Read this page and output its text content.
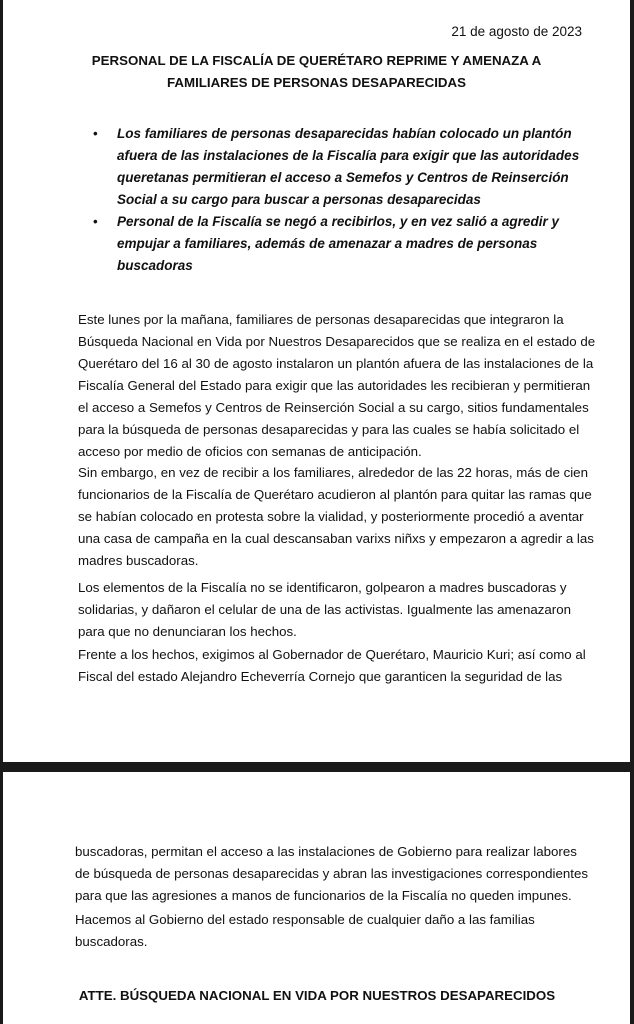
21 de agosto de 2023
PERSONAL DE LA FISCALÍA DE QUERÉTARO REPRIME Y AMENAZA A
FAMILIARES DE PERSONAS DESAPARECIDAS
• Los familiares de personas desaparecidas habían colocado un plantón
afuera de las instalaciones de la Fiscalía para exigir que las autoridades
queretanas permitieran el acceso a Semefos y Centros de Reinserción
Social a su cargo para buscar a personas desaparecidas
• Personal de la Fiscalía se negó a recibirlos, y en vez salió a agredir y
empujar a familiares, además de amenazar a madres de personas
buscadoras
Este lunes por la mañana, familiares de personas desaparecidas que integraron la
Búsqueda Nacional en Vida por Nuestros Desaparecidos que se realiza en el estado de
Querétaro del 16 al 30 de agosto instalaron un plantón afuera de las instalaciones de la
Fiscalía General del Estado para exigir que las autoridades les recibieran y permitieran
el acceso a Semefos y Centros de Reinserción Social a su cargo, sitios fundamentales
para la búsqueda de personas desaparecidas y para las cuales se había solicitado el
acceso por medio de oficios con semanas de anticipación.
Sin embargo, en vez de recibir a los familiares, alrededor de las 22 horas, más de cien
funcionarios de la Fiscalía de Querétaro acudieron al plantón para quitar las ramas que
se habían colocado en protesta sobre la vialidad, y posteriormente procedió a aventar
una casa de campaña en la cual descansaban varixs niñxs y empezaron a agredir a las
madres buscadoras.
Los elementos de la Fiscalía no se identificaron, golpearon a madres buscadoras y
solidarias, y dañaron el celular de una de las activistas. Igualmente las amenazaron
para que no denunciaran los hechos.
Frente a los hechos, exigimos al Gobernador de Querétaro, Mauricio Kuri; así como al
Fiscal del estado Alejandro Echeverría Cornejo que garanticen la seguridad de las
buscadoras, permitan el acceso a las instalaciones de Gobierno para realizar labores
de búsqueda de personas desaparecidas y abran las investigaciones correspondientes
para que las agresiones a manos de funcionarios de la Fiscalía no queden impunes.
Hacemos al Gobierno del estado responsable de cualquier daño a las familias
buscadoras.
ATTE. BÚSQUEDA NACIONAL EN VIDA POR NUESTROS DESAPARECIDOS
